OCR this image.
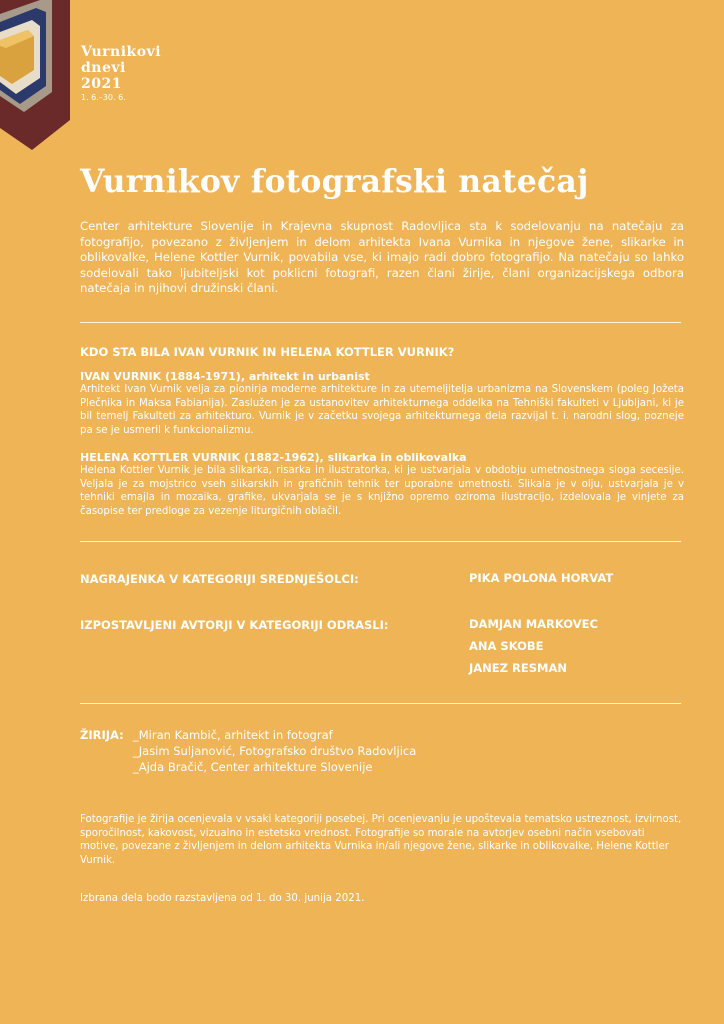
Vurnikovi
dnevi
2021
1. 6.–30. 6.
Vurnikov fotografski natečaj

Center arhitekture Slovenije in Krajevna skupnost Radovljica sta k sodelovanju na natečaju za fotografijo, povezano z življenjem in delom arhitekta Ivana Vurnika in njegove žene, slikarke in oblikovalke, Helene Kottler Vurnik, povabila vse, ki imajo radi dobro fotografijo. Na natečaju so lahko sodelovali tako ljubiteljski kot poklicni fotografi, razen člani žirije, člani organizacijskega odbora natečaja in njihovi družinski člani.

KDO STA BILA IVAN VURNIK IN HELENA KOTTLER VURNIK?
IVAN VURNIK (1884-1971), arhitekt in urbanist

Arhitekt Ivan Vurnik velja za pionirja moderne arhitekture in za utemeljitelja urbanizma na Slovenskem (poleg Jožeta Plečnika in Maksa Fabianija). Zaslužen je za ustanovitev arhitekturnega oddelka na Tehniški fakulteti v Ljubljani, ki je bil temelj Fakulteti za arhitekturo. Vurnik je v začetku svojega arhitekturnega dela razvijal t. i. narodni slog, pozneje pa se je usmeril k funkcionalizmu.

HELENA KOTTLER VURNIK (1882-1962), slikarka in oblikovalka

Helena Kottler Vurnik je bila slikarka, risarka in ilustratorka, ki je ustvarjala v obdobju umetnostnega sloga secesije. Veljala je za mojstrico vseh slikarskih in grafičnih tehnik ter uporabne umetnosti. Slikala je v olju, ustvarjala je v tehniki emajla in mozaika, grafike, ukvarjala se je s knjižno opremo oziroma ilustracijo, izdelovala je vinjete za časopise ter predloge za vezenje liturgičnih oblačil.

NAGRAJENKA V KATEGORIJI SREDNJEŠOLCI:	PIKA POLONA HORVAT
IZPOSTAVLJENI AVTORJI V KATEGORIJI ODRASLI:	DAMJAN MARKOVEC
ANA SKOBE
JANEZ RESMAN
ŽIRIJA: _Miran Kambič, arhitekt in fotograf
_Jasim Suljanović, Fotografsko društvo Radovljica
_Ajda Bračič, Center arhitekture Slovenije

Fotografije je žirija ocenjevala v vsaki kategoriji posebej. Pri ocenjevanju je upoštevala tematsko ustreznost, izvirnost, sporočilnost, kakovost, vizualno in estetsko vrednost. Fotografije so morale na avtorjev osebni način vsebovati motive, povezane z življenjem in delom arhitekta Vurnika in/ali njegove žene, slikarke in oblikovalke, Helene Kottler Vurnik.

Izbrana dela bodo razstavljena od 1. do 30. junija 2021.
